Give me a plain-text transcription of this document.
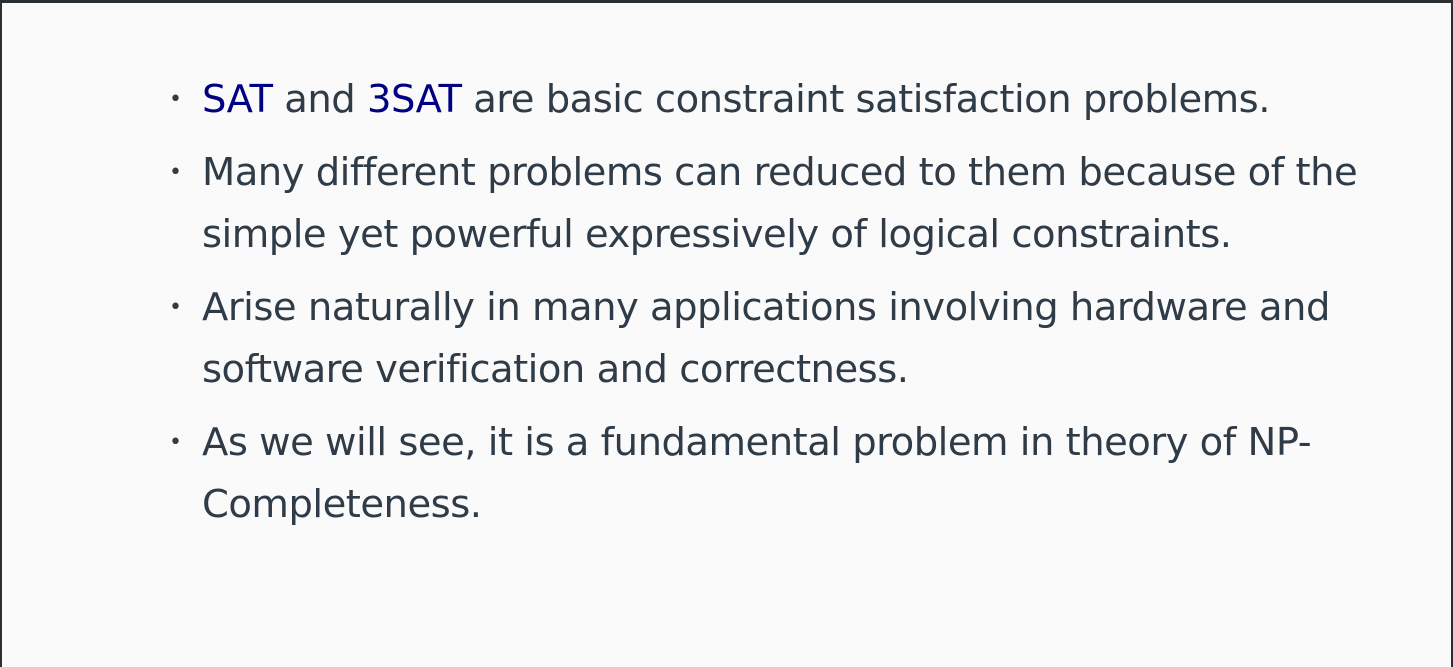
• SAT and 3SAT are basic constraint satisfaction problems.
• Many different problems can reduced to them because of the simple yet powerful expressively of logical constraints.
• Arise naturally in many applications involving hardware and software verification and correctness.
• As we will see, it is a fundamental problem in theory of NP-Completeness.
